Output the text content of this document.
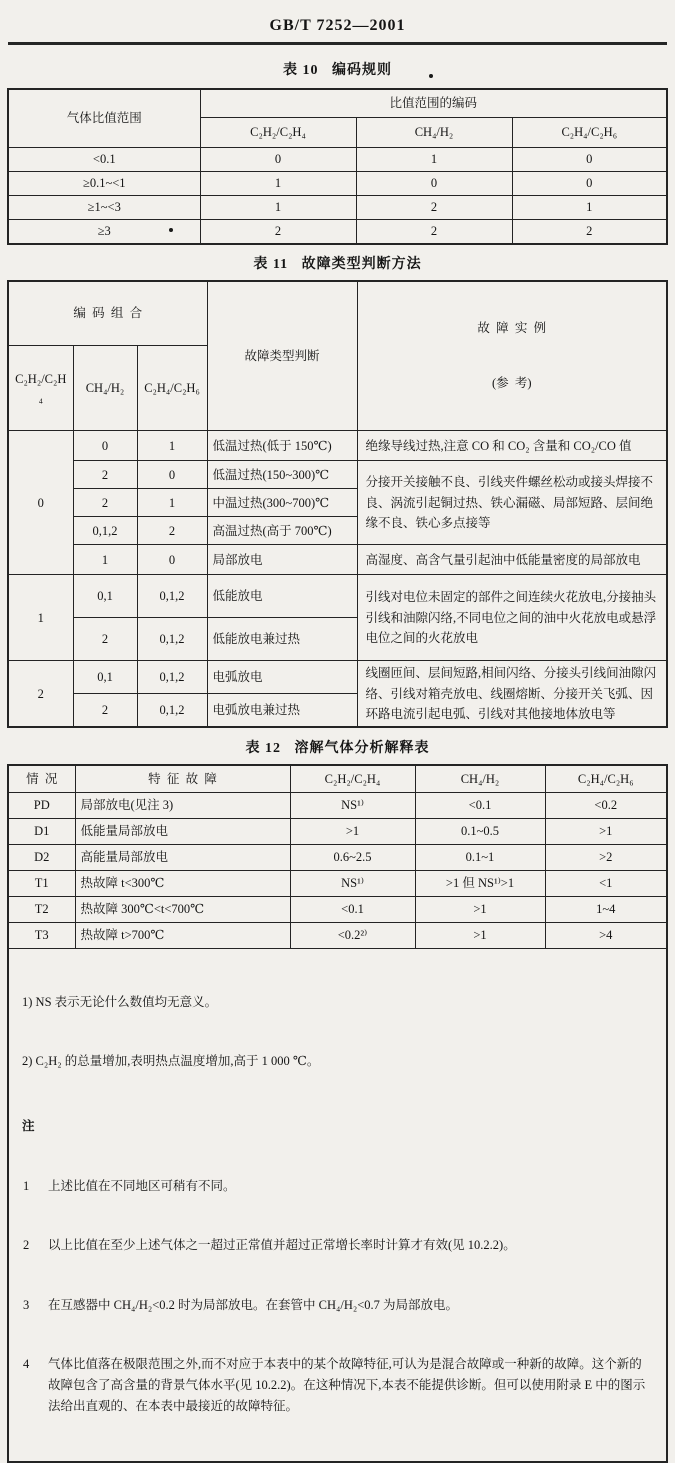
GB/T 7252—2001
表 10   编码规则
气体比值范围	比值范围的编码		
	C₂H₂/C₂H₄	CH₄/H₂	C₂H₄/C₂H₆
<0.1	0	1	0
≥0.1~<1	1	0	0
≥1~<3	1	2	1
≥3	2	2	2
表 11   故障类型判断方法
编  码  组  合			故障类型判断	故  障  实  例

(参  考)

C₂H₂/C₂H₄	CH₄/H₂	C₂H₄/C₂H₆		
0	0	1	低温过热(低于 150℃)	绝缘导线过热,注意 CO 和 CO₂ 含量和 CO₂/CO 值
	2	0	低温过热(150~300)℃	分接开关接触不良、引线夹件螺丝松动或接头焊接不良、涡流引起铜过热、铁心漏磁、局部短路、层间绝缘不良、铁心多点接等
	2	1	中温过热(300~700)℃	
	0,1,2	2	高温过热(高于 700℃)	
	1	0	局部放电	高湿度、高含气量引起油中低能量密度的局部放电
1	0,1	0,1,2	低能放电	引线对电位未固定的部件之间连续火花放电,分接抽头引线和油隙闪络,不同电位之间的油中火花放电或悬浮电位之间的火花放电
	2	0,1,2	低能放电兼过热	
2	0,1	0,1,2	电弧放电	线圈匝间、层间短路,相间闪络、分接头引线间油隙闪络、引线对箱壳放电、线圈熔断、分接开关飞弧、因环路电流引起电弧、引线对其他接地体放电等
	2	0,1,2	电弧放电兼过热	
表 12   溶解气体分析解释表
情  况	特  征  故  障	C₂H₂/C₂H₄	CH₄/H₂	C₂H₄/C₂H₆
PD	局部放电(见注 3)	NS¹⁾	<0.1	<0.2
D1	低能量局部放电	>1	0.1~0.5	>1
D2	高能量局部放电	0.6~2.5	0.1~1	>2
T1	热故障 t<300℃	NS¹⁾	>1 但 NS¹⁾>1	<1
T2	热故障 300℃<t<700℃	<0.1	>1	1~4
T3	热故障 t>700℃	<0.2²⁾	>1	>4

1) NS 表示无论什么数值均无意义。

2) C₂H₂ 的总量增加,表明热点温度增加,高于 1 000 ℃。

注

1	上述比值在不同地区可稍有不同。

2	以上比值在至少上述气体之一超过正常值并超过正常增长率时计算才有效(见 10.2.2)。

3	在互感器中 CH₄/H₂<0.2 时为局部放电。在套管中 CH₄/H₂<0.7 为局部放电。

4	气体比值落在极限范围之外,而不对应于本表中的某个故障特征,可认为是混合故障或一种新的故障。这个新的故障包含了高含量的背景气体水平(见 10.2.2)。在这种情况下,本表不能提供诊断。但可以使用附录 E 中的图示法给出直观的、在本表中最接近的故障特征。
